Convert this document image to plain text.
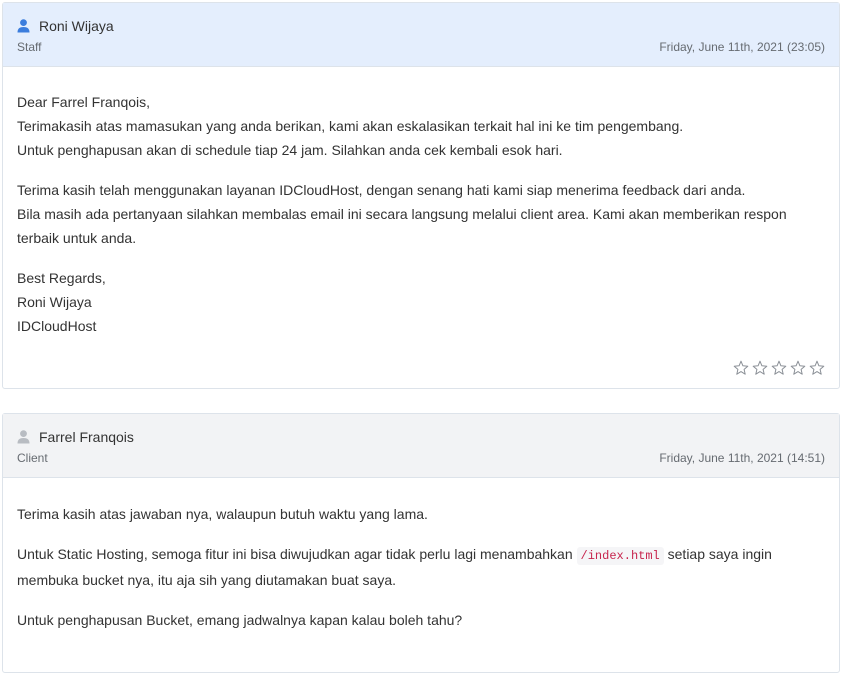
Roni Wijaya
Staff	Friday, June 11th, 2021 (23:05)

Dear Farrel Franqois,
Terimakasih atas mamasukan yang anda berikan, kami akan eskalasikan terkait hal ini ke tim pengembang.
Untuk penghapusan akan di schedule tiap 24 jam. Silahkan anda cek kembali esok hari.

Terima kasih telah menggunakan layanan IDCloudHost, dengan senang hati kami siap menerima feedback dari anda.
Bila masih ada pertanyaan silahkan membalas email ini secara langsung melalui client area. Kami akan memberikan respon terbaik untuk anda.

Best Regards,
Roni Wijaya
IDCloudHost

Farrel Franqois
Client	Friday, June 11th, 2021 (14:51)

Terima kasih atas jawaban nya, walaupun butuh waktu yang lama.

Untuk Static Hosting, semoga fitur ini bisa diwujudkan agar tidak perlu lagi menambahkan /index.html setiap saya ingin membuka bucket nya, itu aja sih yang diutamakan buat saya.

Untuk penghapusan Bucket, emang jadwalnya kapan kalau boleh tahu?
